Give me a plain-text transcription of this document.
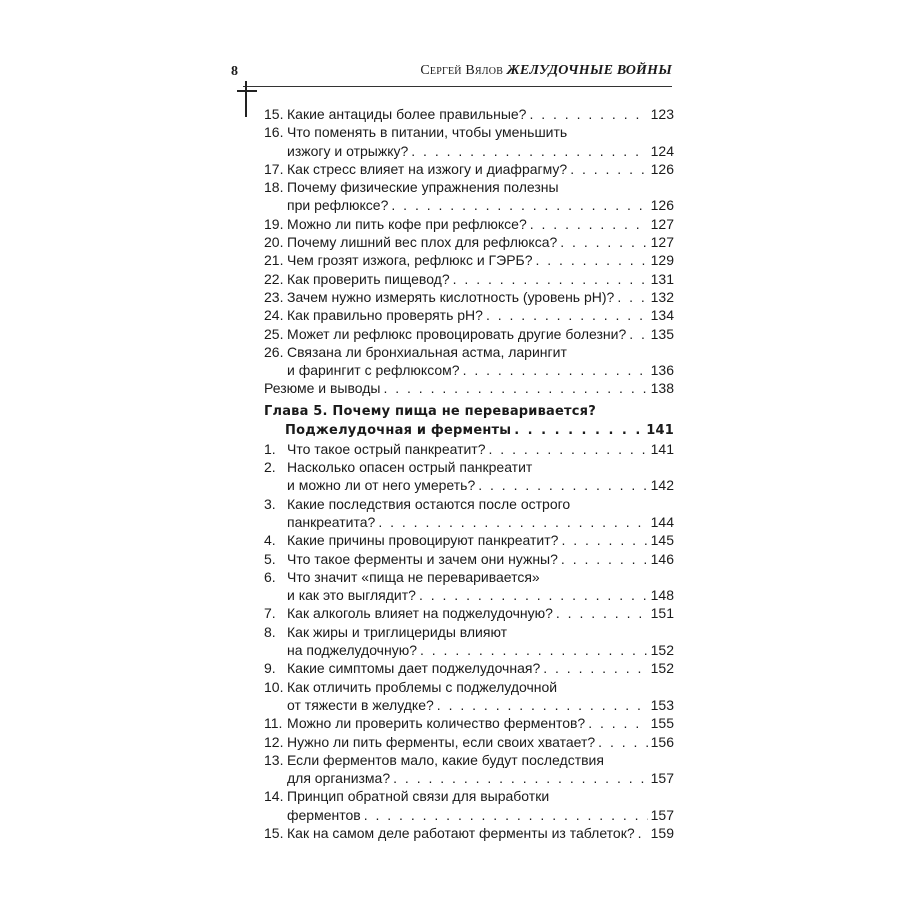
8	Сергей Вялов ЖЕЛУДОЧНЫЕ ВОЙНЫ
15. Какие антациды более правильные? . . .	123
16. Что поменять в питании, чтобы уменьшить
изжогу и отрыжку? . . .	124
17. Как стресс влияет на изжогу и диафрагму? . . .	126
18. Почему физические упражнения полезны
при рефлюксе? . . .	126
19. Можно ли пить кофе при рефлюксе? . . .	127
20. Почему лишний вес плох для рефлюкса? . . .	127
21. Чем грозят изжога, рефлюкс и ГЭРБ? . . .	129
22. Как проверить пищевод? . . .	131
23. Зачем нужно измерять кислотность (уровень pH)? . . .	132
24. Как правильно проверять pH? . . .	134
25. Может ли рефлюкс провоцировать другие болезни? . . . 135
26. Связана ли бронхиальная астма, ларингит
и фарингит с рефлюксом? . . .	136
Резюме и выводы . . .	138
Глава 5. Почему пища не переваривается?
Поджелудочная и ферменты . . .	141
1. Что такое острый панкреатит? . . .	141
2. Насколько опасен острый панкреатит
и можно ли от него умереть? . . .	142
3. Какие последствия остаются после острого
панкреатита? . . .	144
4. Какие причины провоцируют панкреатит? . . .	145
5. Что такое ферменты и зачем они нужны? . . .	146
6. Что значит «пища не переваривается»
и как это выглядит? . . .	148
7. Как алкоголь влияет на поджелудочную? . . .	151
8. Как жиры и триглицериды влияют
на поджелудочную? . . .	152
9. Какие симптомы дает поджелудочная? . . .	152
10. Как отличить проблемы с поджелудочной
от тяжести в желудке? . . .	153
11. Можно ли проверить количество ферментов? . . .	155
12. Нужно ли пить ферменты, если своих хватает? . . .	156
13. Если ферментов мало, какие будут последствия
для организма? . . .	157
14. Принцип обратной связи для выработки
ферментов . . .	157
15. Как на самом деле работают ферменты из таблеток? . . . 159
